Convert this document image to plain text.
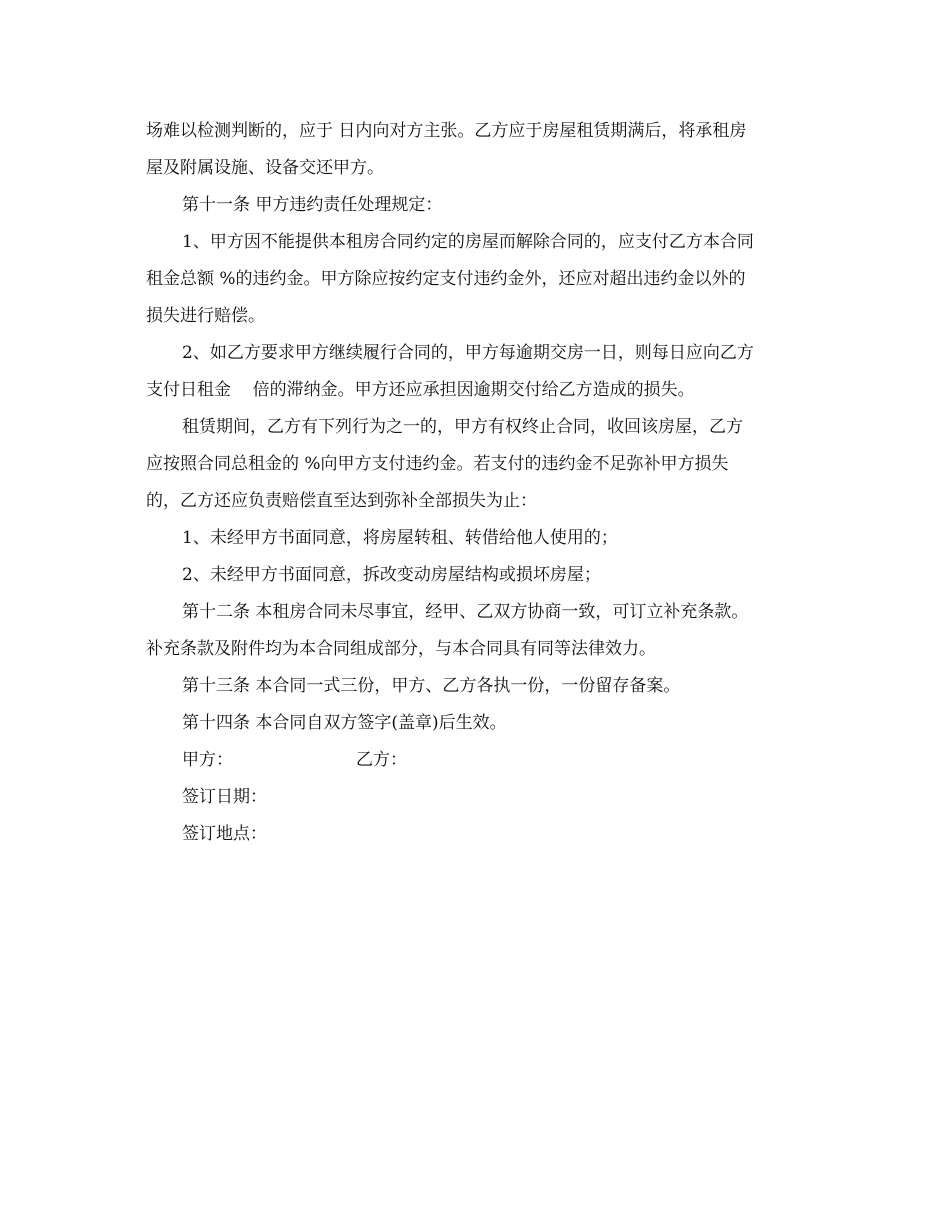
场难以检测判断的，应于 日内向对方主张。乙方应于房屋租赁期满后，将承租房
屋及附属设施、设备交还甲方。
第十一条 甲方违约责任处理规定：
1、甲方因不能提供本租房合同约定的房屋而解除合同的，应支付乙方本合同
租金总额 %的违约金。甲方除应按约定支付违约金外，还应对超出违约金以外的
损失进行赔偿。
2、如乙方要求甲方继续履行合同的，甲方每逾期交房一日，则每日应向乙方
支付日租金    倍的滞纳金。甲方还应承担因逾期交付给乙方造成的损失。
租赁期间，乙方有下列行为之一的，甲方有权终止合同，收回该房屋，乙方
应按照合同总租金的 %向甲方支付违约金。若支付的违约金不足弥补甲方损失
的，乙方还应负责赔偿直至达到弥补全部损失为止：
1、未经甲方书面同意，将房屋转租、转借给他人使用的；
2、未经甲方书面同意，拆改变动房屋结构或损坏房屋；
第十二条 本租房合同未尽事宜，经甲、乙双方协商一致，可订立补充条款。
补充条款及附件均为本合同组成部分，与本合同具有同等法律效力。
第十三条 本合同一式三份，甲方、乙方各执一份，一份留存备案。
第十四条 本合同自双方签字(盖章)后生效。
甲方：	乙方：
签订日期：
签订地点：
